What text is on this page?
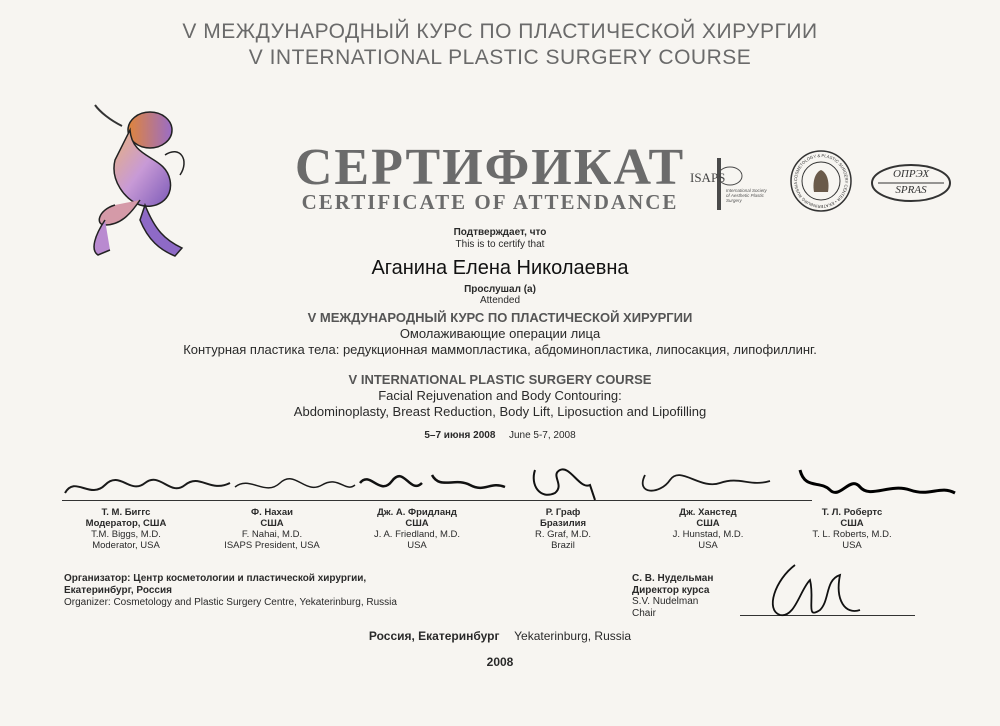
V МЕЖДУНАРОДНЫЙ КУРС ПО ПЛАСТИЧЕСКОЙ ХИРУРГИИ
V INTERNATIONAL PLASTIC SURGERY COURSE
СЕРТИФИКАТ
CERTIFICATE OF ATTENDANCE
ISAPS
International Society of Aesthetic Plastic Surgery
COSMETOLOGY & PLASTIC SURGERY CENTER • EKATERINBURG RUSSIA
ОПРЭХ
SPRAS
Подтверждает, что
This is to certify that
Аганина Елена Николаевна
Прослушал (а)
Attended
V МЕЖДУНАРОДНЫЙ КУРС ПО ПЛАСТИЧЕСКОЙ ХИРУРГИИ
Омолаживающие операции лица
Контурная пластика тела: редукционная маммопластика, абдоминопластика, липосакция, липофиллинг.
V INTERNATIONAL PLASTIC SURGERY COURSE
Facial Rejuvenation and Body Contouring:
Abdominoplasty, Breast Reduction, Body Lift, Liposuction and Lipofilling
5–7 июня 2008 June 5-7, 2008
Т. М. Биггс
Модератор, США
T.M. Biggs, M.D.
Moderator, USA
Ф. Нахаи
США
F. Nahai, M.D.
ISAPS President, USA
Дж. А. Фридланд
США
J. A. Friedland, M.D.
USA
Р. Граф
Бразилия
R. Graf, M.D.
Brazil
Дж. Ханстед
США
J. Hunstad, M.D.
USA
Т. Л. Робертс
США
T. L. Roberts, M.D.
USA
Организатор: Центр косметологии и пластической хирургии,
Екатеринбург, Россия
Organizer: Cosmetology and Plastic Surgery Centre, Yekaterinburg, Russia
С. В. Нудельман
Директор курса
S.V. Nudelman
Chair
Россия, Екатеринбург Yekaterinburg, Russia
2008
